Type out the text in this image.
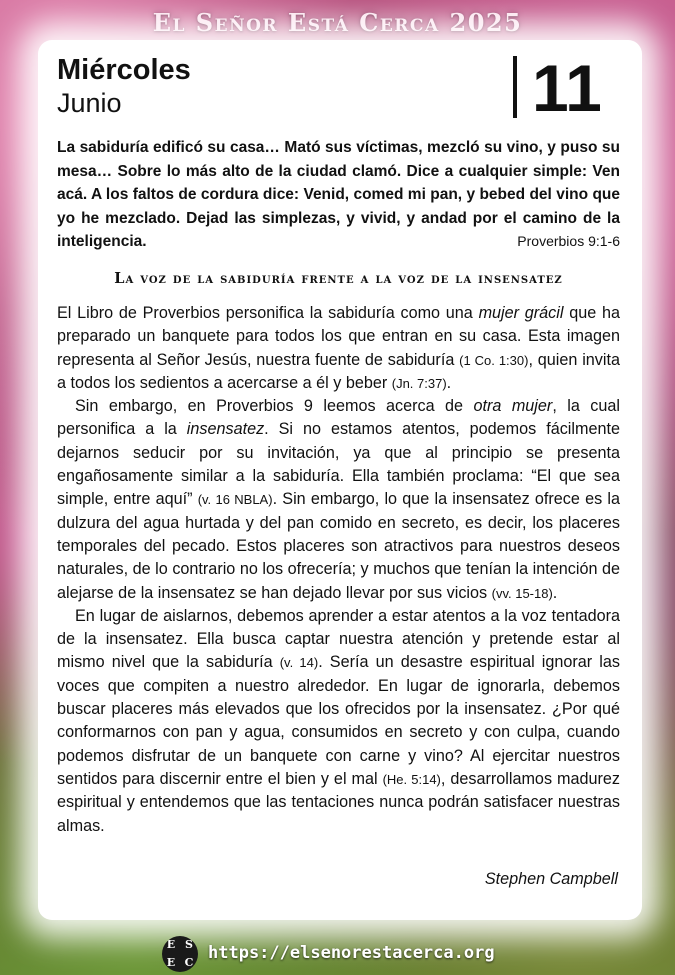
El Señor Está Cerca 2025
Miércoles
Junio	11
La sabiduría edificó su casa… Mató sus víctimas, mezcló su vino, y puso su mesa… Sobre lo más alto de la ciudad clamó. Dice a cualquier simple: Ven acá. A los faltos de cordura dice: Venid, comed mi pan, y bebed del vino que yo he mezclado. Dejad las simplezas, y vivid, y andad por el camino de la inteligencia.	Proverbios 9:1-6
La voz de la sabiduría frente a la voz de la insensatez

El Libro de Proverbios personifica la sabiduría como una mujer grácil que ha preparado un banquete para todos los que entran en su casa. Esta imagen representa al Señor Jesús, nuestra fuente de sabiduría (1 Co. 1:30), quien invita a todos los sedientos a acercarse a él y beber (Jn. 7:37).

Sin embargo, en Proverbios 9 leemos acerca de otra mujer, la cual personifica a la insensatez. Si no estamos atentos, podemos fácilmente dejarnos seducir por su invitación, ya que al principio se presenta engañosamente similar a la sabiduría. Ella también proclama: “El que sea simple, entre aquí” (v. 16 NBLA). Sin embargo, lo que la insensatez ofrece es la dulzura del agua hurtada y del pan comido en secreto, es decir, los placeres temporales del pecado. Estos placeres son atractivos para nuestros deseos naturales, de lo contrario no los ofrecería; y muchos que tenían la intención de alejarse de la insensatez se han dejado llevar por sus vicios (vv. 15-18).

En lugar de aislarnos, debemos aprender a estar atentos a la voz tentadora de la insensatez. Ella busca captar nuestra atención y pretende estar al mismo nivel que la sabiduría (v. 14). Sería un desastre espiritual ignorar las voces que compiten a nuestro alrededor. En lugar de ignorarla, debemos buscar placeres más elevados que los ofrecidos por la insensatez. ¿Por qué conformarnos con pan y agua, consumidos en secreto y con culpa, cuando podemos disfrutar de un banquete con carne y vino? Al ejercitar nuestros sentidos para discernir entre el bien y el mal (He. 5:14), desarrollamos madurez espiritual y entendemos que las tentaciones nunca podrán satisfacer nuestras almas.

Stephen Campbell
E S
E C https://elsenorestacerca.org
